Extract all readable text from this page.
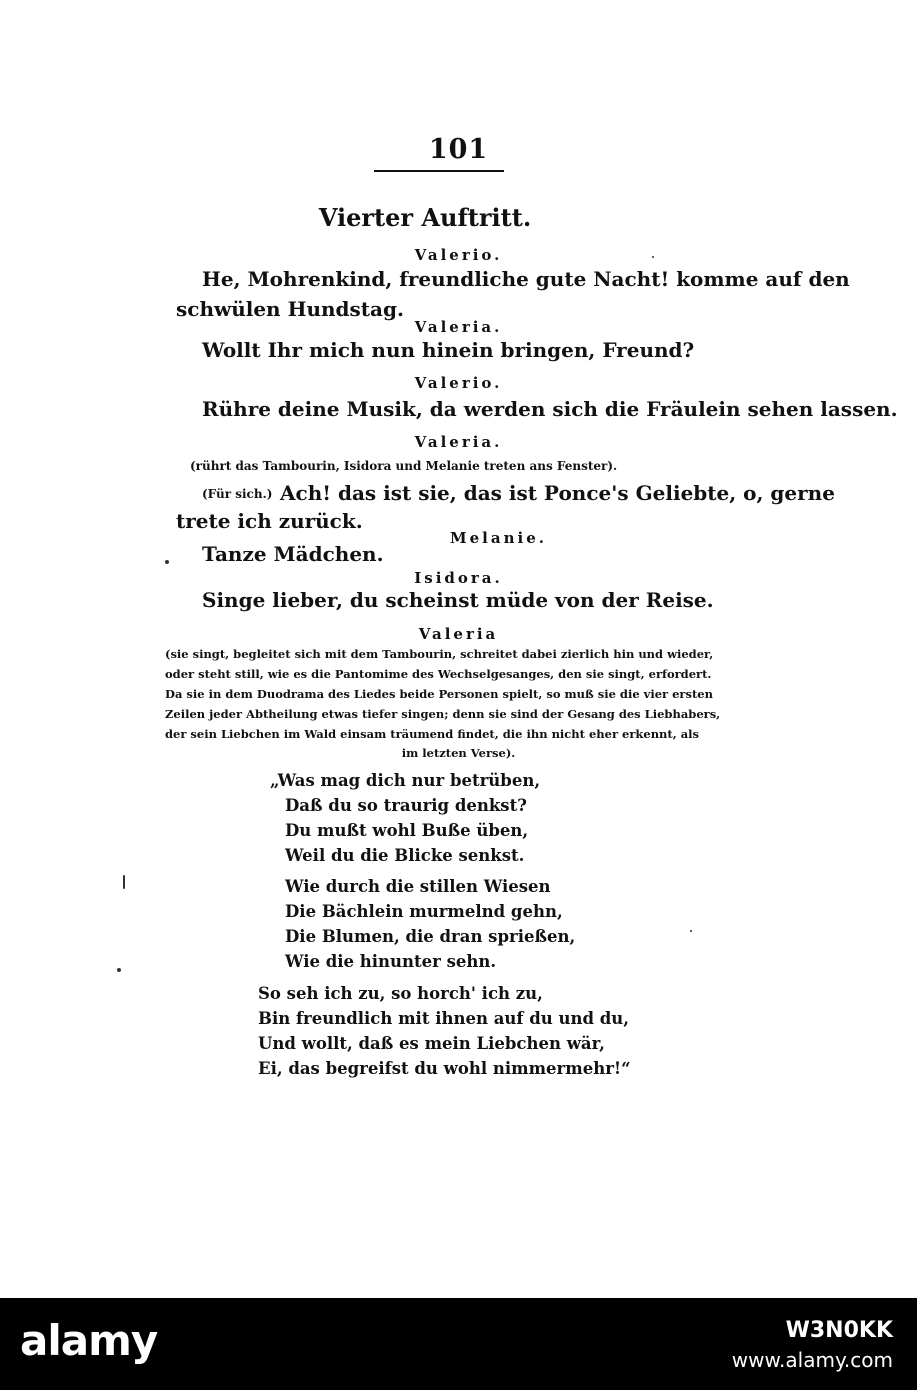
101
Vierter Auftritt.
Valerio.
He, Mohrenkind, freundliche gute Nacht! komme auf den
schwülen Hundstag.
Valeria.
Wollt Ihr mich nun hinein bringen, Freund?
Valerio.
Rühre deine Musik, da werden sich die Fräulein sehen lassen.
Valeria.
(rührt das Tambourin, Isidora und Melanie treten ans Fenster).
(Für sich.) Ach! das ist sie, das ist Ponce's Geliebte, o, gerne
trete ich zurück.
Melanie.
Tanze Mädchen.
Isidora.
Singe lieber, du scheinst müde von der Reise.
Valeria
(sie singt, begleitet sich mit dem Tambourin, schreitet dabei zierlich hin und wieder,
oder steht still, wie es die Pantomime des Wechselgesanges, den sie singt, erfordert.
Da sie in dem Duodrama des Liedes beide Personen spielt, so muß sie die vier ersten
Zeilen jeder Abtheilung etwas tiefer singen; denn sie sind der Gesang des Liebhabers,
der sein Liebchen im Wald einsam träumend findet, die ihn nicht eher erkennt, als
im letzten Verse).
„Was mag dich nur betrüben,
Daß du so traurig denkst?
Du mußt wohl Buße üben,
Weil du die Blicke senkst.
Wie durch die stillen Wiesen
Die Bächlein murmelnd gehn,
Die Blumen, die dran sprießen,
Wie die hinunter sehn.
So seh ich zu, so horch' ich zu,
Bin freundlich mit ihnen auf du und du,
Und wollt, daß es mein Liebchen wär,
Ei, das begreifst du wohl nimmermehr!“
alamy	W3N0KK
www.alamy.com
